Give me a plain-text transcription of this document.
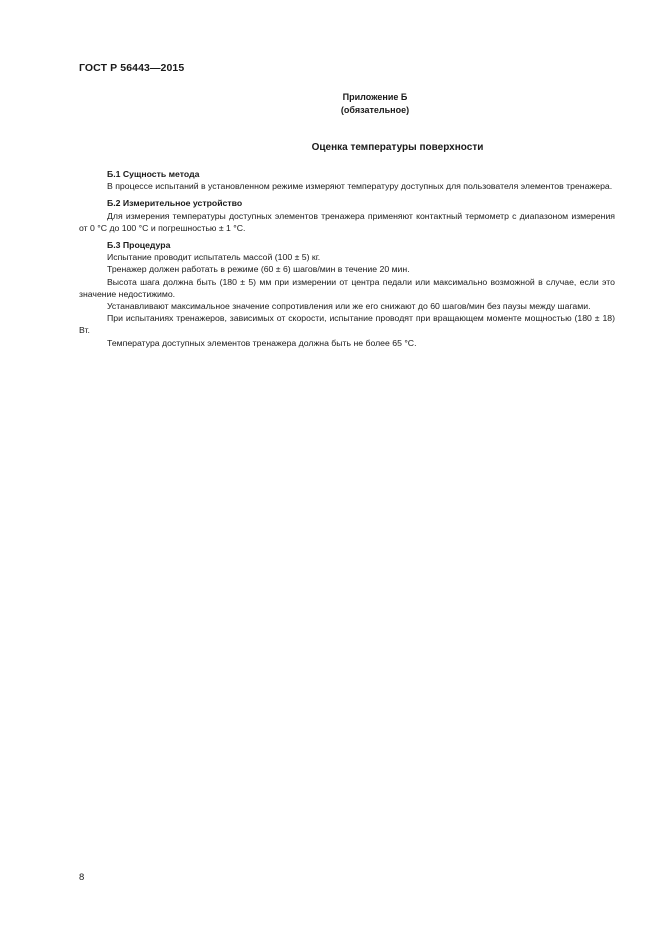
ГОСТ Р 56443—2015
Приложение Б
(обязательное)
Оценка температуры поверхности

Б.1 Сущность метода

В процессе испытаний в установленном режиме измеряют температуру доступных для пользователя элементов тренажера.

Б.2 Измерительное устройство

Для измерения температуры доступных элементов тренажера применяют контактный термометр с диапазоном измерения от 0 °С до 100 °С и погрешностью ± 1 °С.

Б.3 Процедура

Испытание проводит испытатель массой (100 ± 5) кг.

Тренажер должен работать в режиме (60 ± 6) шагов/мин в течение 20 мин.

Высота шага должна быть (180 ± 5) мм при измерении от центра педали или максимально возможной в случае, если это значение недостижимо.

Устанавливают максимальное значение сопротивления или же его снижают до 60 шагов/мин без паузы между шагами.

При испытаниях тренажеров, зависимых от скорости, испытание проводят при вращающем моменте мощностью (180 ± 18) Вт.

Температура доступных элементов тренажера должна быть не более 65 °С.

8
